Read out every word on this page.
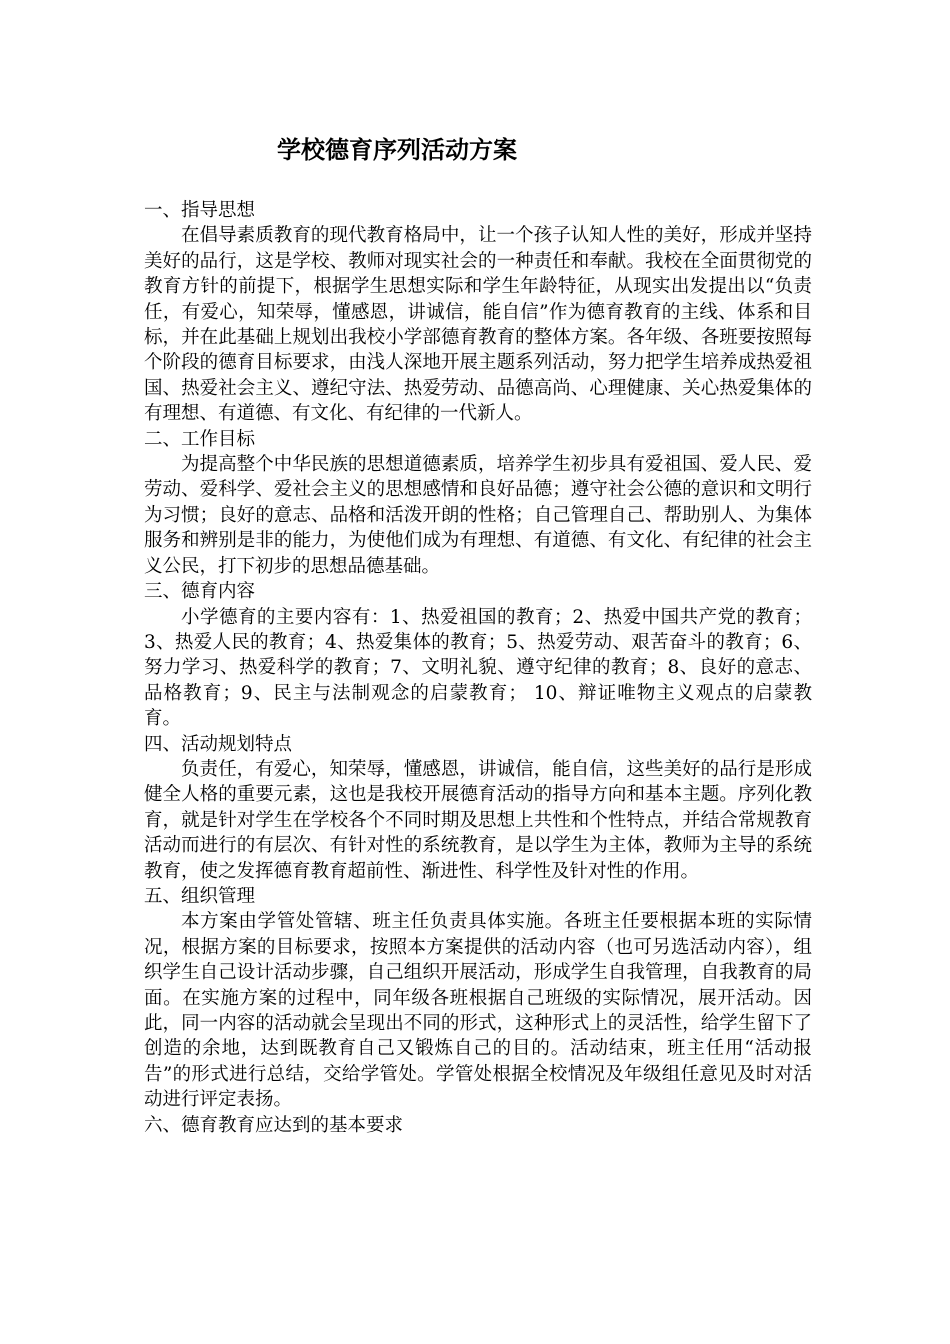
学校德育序列活动方案

一、指导思想

在倡导素质教育的现代教育格局中，让一个孩子认知人性的美好，形成并坚持美好的品行，这是学校、教师对现实社会的一种责任和奉献。我校在全面贯彻党的教育方针的前提下，根据学生思想实际和学生年龄特征，从现实出发提出以“负责任，有爱心，知荣辱，懂感恩，讲诚信，能自信”作为德育教育的主线、体系和目标，并在此基础上规划出我校小学部德育教育的整体方案。各年级、各班要按照每个阶段的德育目标要求，由浅人深地开展主题系列活动，努力把学生培养成热爱祖国、热爱社会主义、遵纪守法、热爱劳动、品德高尚、心理健康、关心热爱集体的有理想、有道德、有文化、有纪律的一代新人。

二、工作目标

为提高整个中华民族的思想道德素质，培养学生初步具有爱祖国、爱人民、爱劳动、爱科学、爱社会主义的思想感情和良好品德；遵守社会公德的意识和文明行为习惯；良好的意志、品格和活泼开朗的性格；自己管理自己、帮助别人、为集体服务和辨别是非的能力，为使他们成为有理想、有道德、有文化、有纪律的社会主义公民，打下初步的思想品德基础。

三、德育内容

小学德育的主要内容有：1、热爱祖国的教育；2、热爱中国共产党的教育；3、热爱人民的教育；4、热爱集体的教育；5、热爱劳动、艰苦奋斗的教育；6、努力学习、热爱科学的教育；7、文明礼貌、遵守纪律的教育；8、良好的意志、品格教育；9、民主与法制观念的启蒙教育； 10、辩证唯物主义观点的启蒙教育。

四、活动规划特点

负责任，有爱心，知荣辱，懂感恩，讲诚信，能自信，这些美好的品行是形成健全人格的重要元素，这也是我校开展德育活动的指导方向和基本主题。序列化教育，就是针对学生在学校各个不同时期及思想上共性和个性特点，并结合常规教育活动而进行的有层次、有针对性的系统教育，是以学生为主体，教师为主导的系统教育，使之发挥德育教育超前性、渐进性、科学性及针对性的作用。

五、组织管理

本方案由学管处管辖、班主任负责具体实施。各班主任要根据本班的实际情况，根据方案的目标要求，按照本方案提供的活动内容（也可另选活动内容），组织学生自己设计活动步骤，自己组织开展活动，形成学生自我管理，自我教育的局面。在实施方案的过程中，同年级各班根据自己班级的实际情况，展开活动。因此，同一内容的活动就会呈现出不同的形式，这种形式上的灵活性，给学生留下了创造的余地，达到既教育自己又锻炼自己的目的。活动结束，班主任用“活动报告”的形式进行总结，交给学管处。学管处根据全校情况及年级组任意见及时对活动进行评定表扬。

六、德育教育应达到的基本要求
